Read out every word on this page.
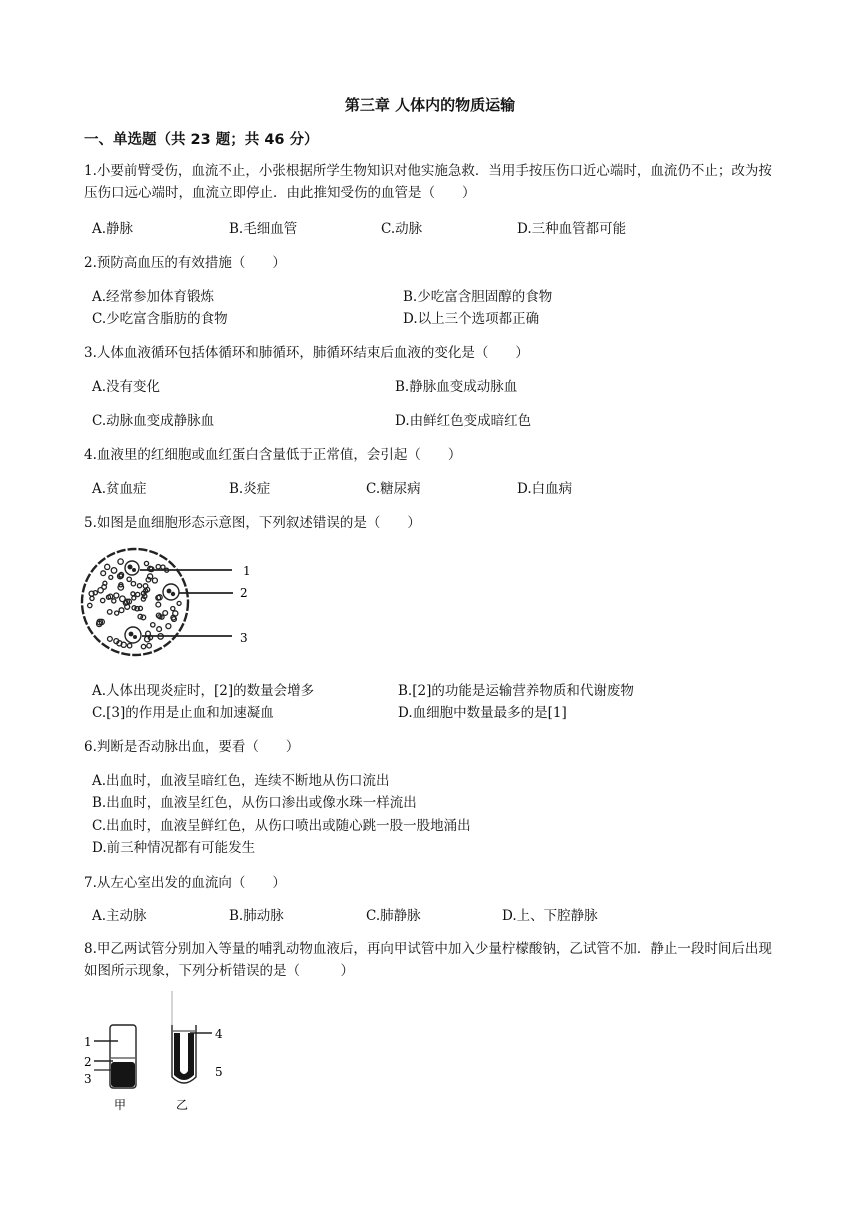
第三章 人体内的物质运输
一、单选题（共 23 题；共 46 分）
1.小要前臂受伤，血流不止，小张根据所学生物知识对他实施急救．当用手按压伤口近心端时，血流仍不止；改为按压伤口远心端时，血流立即停止．由此推知受伤的血管是（　　）
A.静脉	B.毛细血管	C.动脉	D.三种血管都可能
2.预防高血压的有效措施（　　）
A.经常参加体育锻炼	B.少吃富含胆固醇的食物
C.少吃富含脂肪的食物	D.以上三个选项都正确
3.人体血液循环包括体循环和肺循环，肺循环结束后血液的变化是（　　）
A.没有变化	B.静脉血变成动脉血
C.动脉血变成静脉血	D.由鲜红色变成暗红色
4.血液里的红细胞或血红蛋白含量低于正常值，会引起（　　）
A.贫血症	B.炎症	C.糖尿病	D.白血病
5.如图是血细胞形态示意图，下列叙述错误的是（　　）
1
2
3
A.人体出现炎症时，[2]的数量会增多	B.[2]的功能是运输营养物质和代谢废物
C.[3]的作用是止血和加速凝血	D.血细胞中数量最多的是[1]
6.判断是否动脉出血，要看（　　）
A.出血时，血液呈暗红色，连续不断地从伤口流出
B.出血时，血液呈红色，从伤口渗出或像水珠一样流出
C.出血时，血液呈鲜红色，从伤口喷出或随心跳一股一股地涌出
D.前三种情况都有可能发生
7.从左心室出发的血流向（　　）
A.主动脉	B.肺动脉	C.肺静脉	D.上、下腔静脉
8.甲乙两试管分别加入等量的哺乳动物血液后，再向甲试管中加入少量柠檬酸钠，乙试管不加．静止一段时间后出现如图所示现象，下列分析错误的是（　　　）
1
2
3
甲
4
5
乙
